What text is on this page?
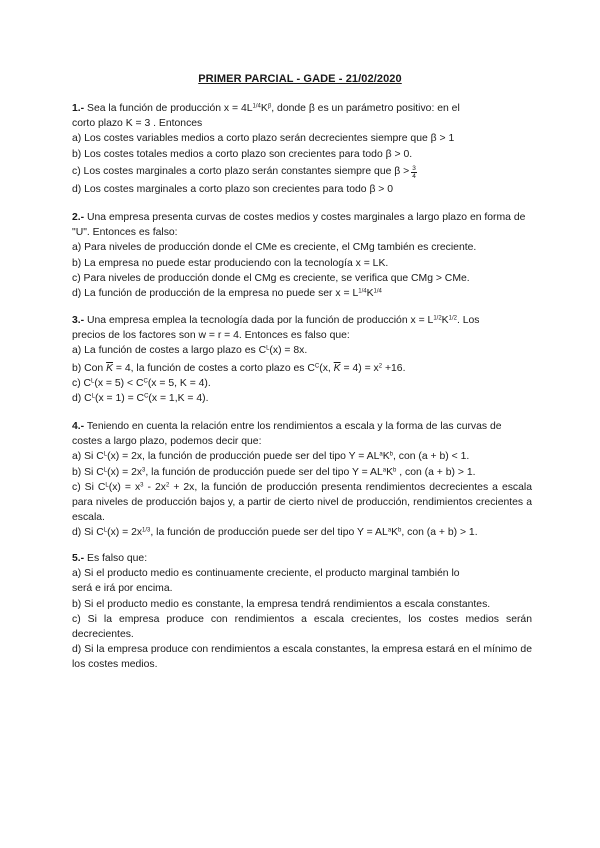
PRIMER PARCIAL - GADE - 21/02/2020

1.- Sea la función de producción $x = 4L^{1/4}K^\beta$, donde β es un parámetro positivo: en el

corto plazo K = 3 . Entonces

a) Los costes variables medios a corto plazo serán decrecientes siempre que β > 1

b) Los costes totales medios a corto plazo son crecientes para todo β > 0.

c) Los costes marginales a corto plazo serán constantes siempre que $\beta > \frac{3}{4}$

d) Los costes marginales a corto plazo son crecientes para todo β > 0

2.- Una empresa presenta curvas de costes medios y costes marginales a largo plazo en forma de "U". Entonces es falso:

a) Para niveles de producción donde el CMe es creciente, el CMg también es creciente.

b) La empresa no puede estar produciendo con la tecnología x = LK.

c) Para niveles de producción donde el CMg es creciente, se verifica que CMg > CMe.

d) La función de producción de la empresa no puede ser $x = L^{1/4}K^{1/4}$

3.- Una empresa emplea la tecnología dada por la función de producción $x = L^{1/2}K^{1/2}$. Los

precios de los factores son w = r = 4. Entonces es falso que:

a) La función de costes a largo plazo es $C^L(x) = 8x$.

b) Con $\overline{K} = 4$, la función de costes a corto plazo es $C^C(x$, $\overline{K} = 4) = x^2 +16$.

c) $C^L(x = 5) < C^C(x = 5$, K = 4).

d) $C^L(x = 1) = C^C(x = 1,K = 4)$.

4.- Teniendo en cuenta la relación entre los rendimientos a escala y la forma de las curvas de costes a largo plazo, podemos decir que:

a) Si $C^L(x) = 2x$, la función de producción puede ser del tipo $Y = AL^aK^b$, con (a + b) < 1.

b) Si $C^L(x) = 2x^3$, la función de producción puede ser del tipo $Y = AL^aK^b$ , con (a + b) > 1.

c) Si $C^L(x) = x^3 - 2x^2 + 2x$, la función de producción presenta rendimientos decrecientes a escala para niveles de producción bajos y, a partir de cierto nivel de producción, rendimientos crecientes a escala.

d) Si $C^L(x) = 2x^{1/3}$, la función de producción puede ser del tipo $Y = AL^aK^b$, con (a + b) > 1.

5.- Es falso que:

a) Si el producto medio es continuamente creciente, el producto marginal también lo

será e irá por encima.

b) Si el producto medio es constante, la empresa tendrá rendimientos a escala constantes.

c) Si la empresa produce con rendimientos a escala crecientes, los costes medios serán decrecientes.

d) Si la empresa produce con rendimientos a escala constantes, la empresa estará en el mínimo de los costes medios.
